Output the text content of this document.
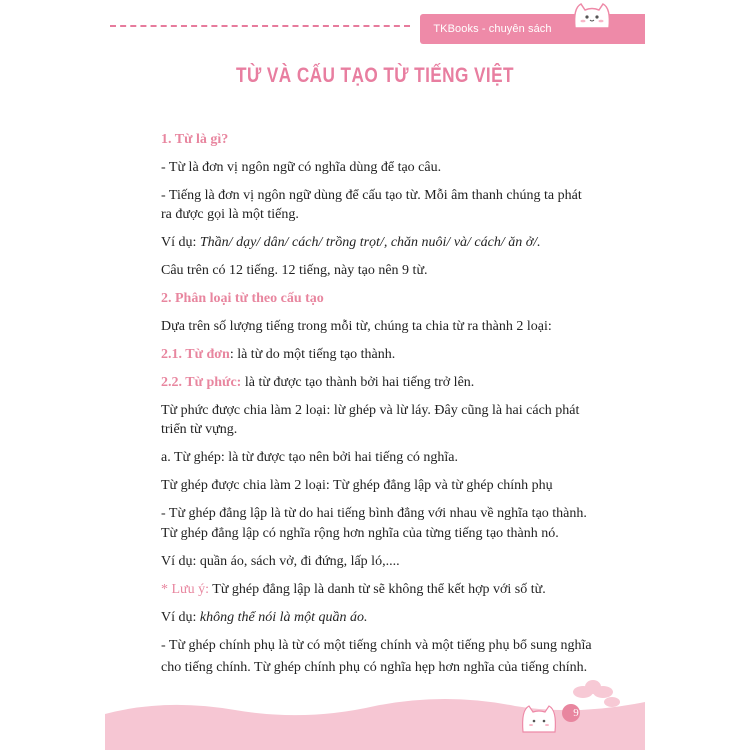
TKBooks - chuyên sách tham khảo
TỪ VÀ CẤU TẠO TỪ TIẾNG VIỆT
1. Từ là gì?
- Từ là đơn vị ngôn ngữ có nghĩa dùng để tạo câu.
- Tiếng là đơn vị ngôn ngữ dùng để cấu tạo từ. Mỗi âm thanh chúng ta phát
ra được gọi là một tiếng.
Ví dụ: Thần/ dạy/ dân/ cách/ trồng trọt/, chăn nuôi/ và/ cách/ ăn ở/.
Câu trên có 12 tiếng. 12 tiếng, này tạo nên 9 từ.
2. Phân loại từ theo cấu tạo
Dựa trên số lượng tiếng trong mỗi từ, chúng ta chia từ ra thành 2 loại:
2.1. Từ đơn: là từ do một tiếng tạo thành.
2.2. Từ phức: là từ được tạo thành bởi hai tiếng trở lên.
Từ phức được chia làm 2 loại: lừ ghép và lừ láy. Đây cũng là hai cách phát
triển từ vựng.
a. Từ ghép: là từ được tạo nên bởi hai tiếng có nghĩa.
Từ ghép được chia làm 2 loại: Từ ghép đẳng lập và từ ghép chính phụ
- Từ ghép đẳng lập là từ do hai tiếng bình đẳng với nhau về nghĩa tạo thành.
Từ ghép đẳng lập có nghĩa rộng hơn nghĩa của từng tiếng tạo thành nó.
Ví dụ: quần áo, sách vở, đi đứng, lấp ló,....
* Lưu ý: Từ ghép đẳng lập là danh từ sẽ không thể kết hợp với số từ.
Ví dụ: không thể nói là một quần áo.
- Từ ghép chính phụ là từ có một tiếng chính và một tiếng phụ bổ sung nghĩa
cho tiếng chính. Từ ghép chính phụ có nghĩa hẹp hơn nghĩa của tiếng chính.
9
